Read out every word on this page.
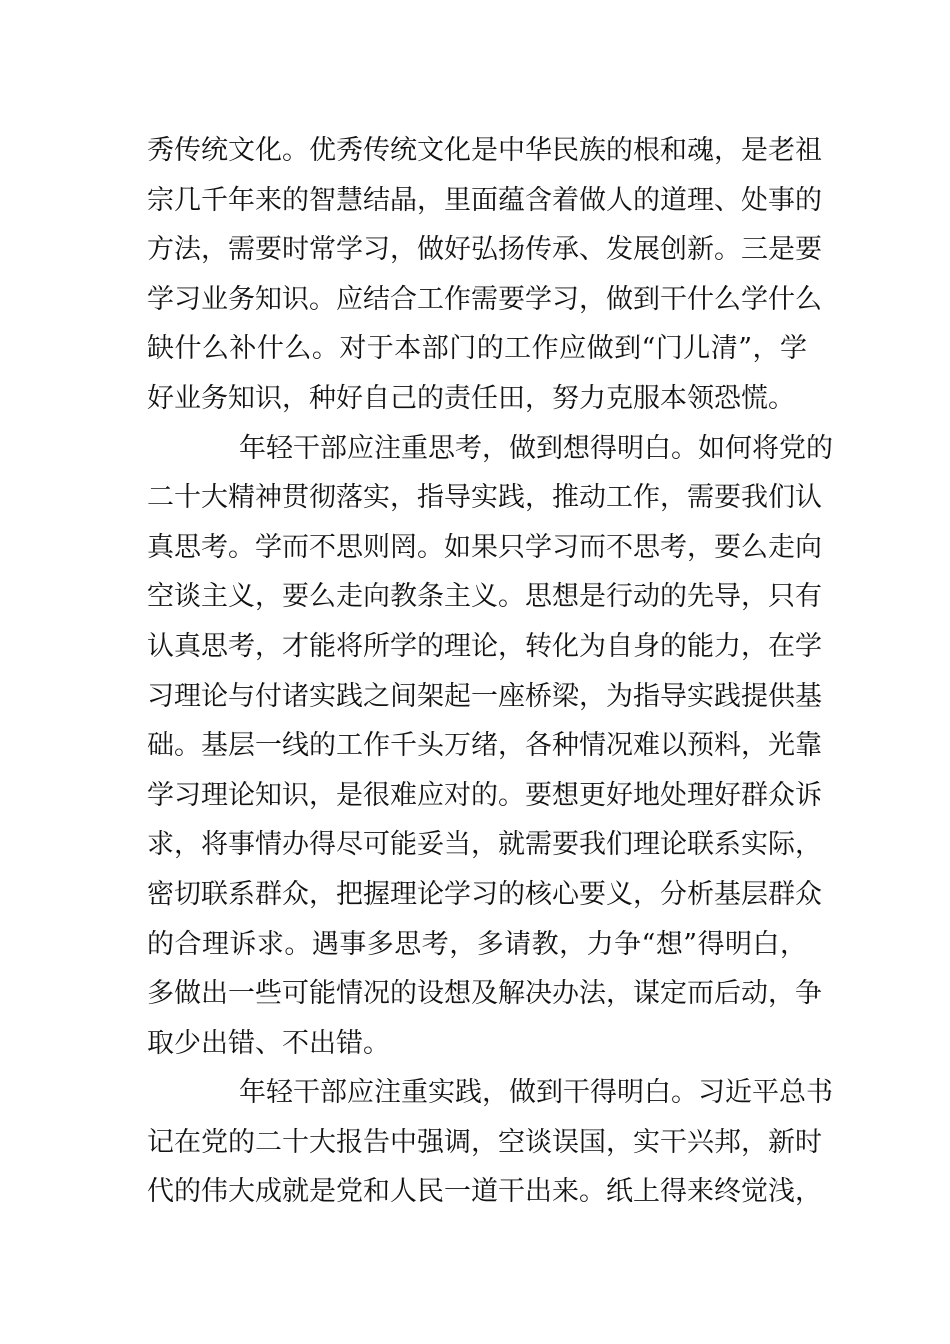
秀传统文化。优秀传统文化是中华民族的根和魂，是老祖
宗几千年来的智慧结晶，里面蕴含着做人的道理、处事的
方法，需要时常学习，做好弘扬传承、发展创新。三是要
学习业务知识。应结合工作需要学习，做到干什么学什么
缺什么补什么。对于本部门的工作应做到“门儿清”，学
好业务知识，种好自己的责任田，努力克服本领恐慌。
年轻干部应注重思考，做到想得明白。如何将党的
二十大精神贯彻落实，指导实践，推动工作，需要我们认
真思考。学而不思则罔。如果只学习而不思考，要么走向
空谈主义，要么走向教条主义。思想是行动的先导，只有
认真思考，才能将所学的理论，转化为自身的能力，在学
习理论与付诸实践之间架起一座桥梁，为指导实践提供基
础。基层一线的工作千头万绪，各种情况难以预料，光靠
学习理论知识，是很难应对的。要想更好地处理好群众诉
求，将事情办得尽可能妥当，就需要我们理论联系实际，
密切联系群众，把握理论学习的核心要义，分析基层群众
的合理诉求。遇事多思考，多请教，力争“想”得明白，
多做出一些可能情况的设想及解决办法，谋定而后动，争
取少出错、不出错。
年轻干部应注重实践，做到干得明白。习近平总书
记在党的二十大报告中强调，空谈误国，实干兴邦，新时
代的伟大成就是党和人民一道干出来。纸上得来终觉浅，
